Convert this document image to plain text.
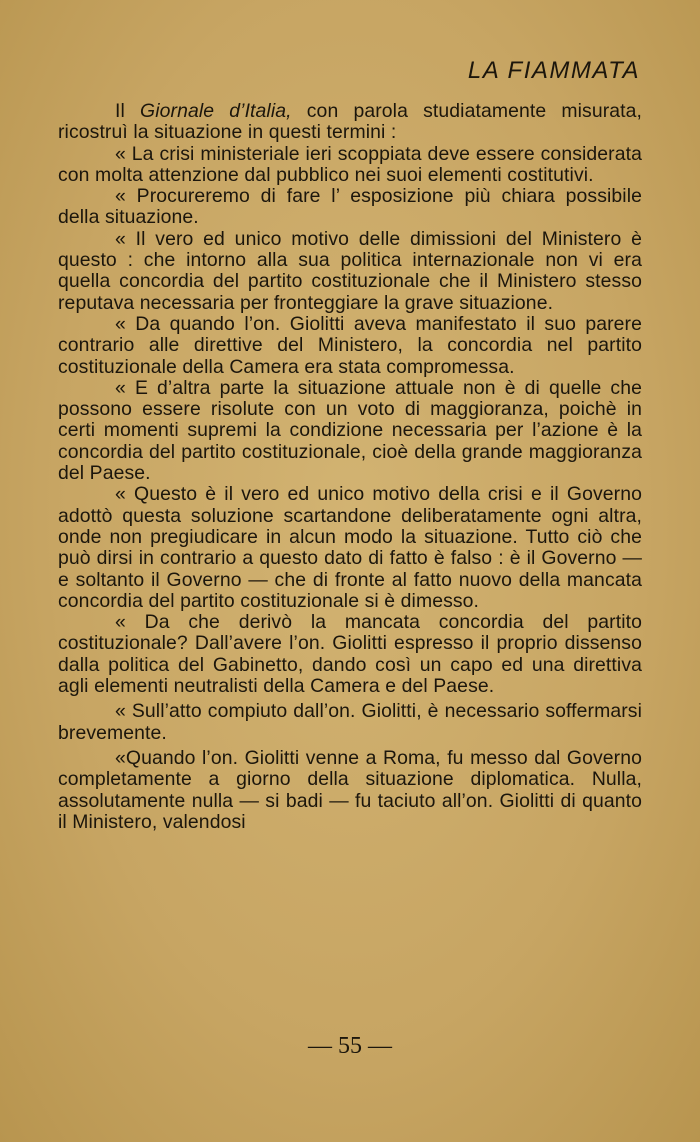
LA FIAMMATA

Il Giornale d’Italia, con parola studiatamente misurata, ricostruì la situazione in questi termini :

« La crisi ministeriale ieri scoppiata deve essere considerata con molta attenzione dal pubblico nei suoi elementi costitutivi.

« Procureremo di fare l’ esposizione più chiara possibile della situazione.

« Il vero ed unico motivo delle dimissioni del Ministero è questo : che intorno alla sua politica internazionale non vi era quella concordia del partito costituzionale che il Ministero stesso reputava necessaria per fronteggiare la grave situazione.

« Da quando l’on. Giolitti aveva manifestato il suo parere contrario alle direttive del Ministero, la concordia nel partito costituzionale della Camera era stata compromessa.

« E d’altra parte la situazione attuale non è di quelle che possono essere risolute con un voto di maggioranza, poichè in certi momenti supremi la condizione necessaria per l’azione è la concordia del partito costituzionale, cioè della grande maggioranza del Paese.

« Questo è il vero ed unico motivo della crisi e il Governo adottò questa soluzione scartandone deliberatamente ogni altra, onde non pregiudicare in alcun modo la situazione. Tutto ciò che può dirsi in contrario a questo dato di fatto è falso : è il Governo — e soltanto il Governo — che di fronte al fatto nuovo della mancata concordia del partito costituzionale si è dimesso.

« Da che derivò la mancata concordia del partito costituzionale? Dall’avere l’on. Giolitti espresso il proprio dissenso dalla politica del Gabinetto, dando così un capo ed una direttiva agli elementi neutralisti della Camera e del Paese.

« Sull’atto compiuto dall’on. Giolitti, è necessario soffermarsi brevemente.

«Quando l’on. Giolitti venne a Roma, fu messo dal Governo completamente a giorno della situazione diplomatica. Nulla, assolutamente nulla — si badi — fu taciuto all’on. Giolitti di quanto il Ministero, valendosi

— 55 —
